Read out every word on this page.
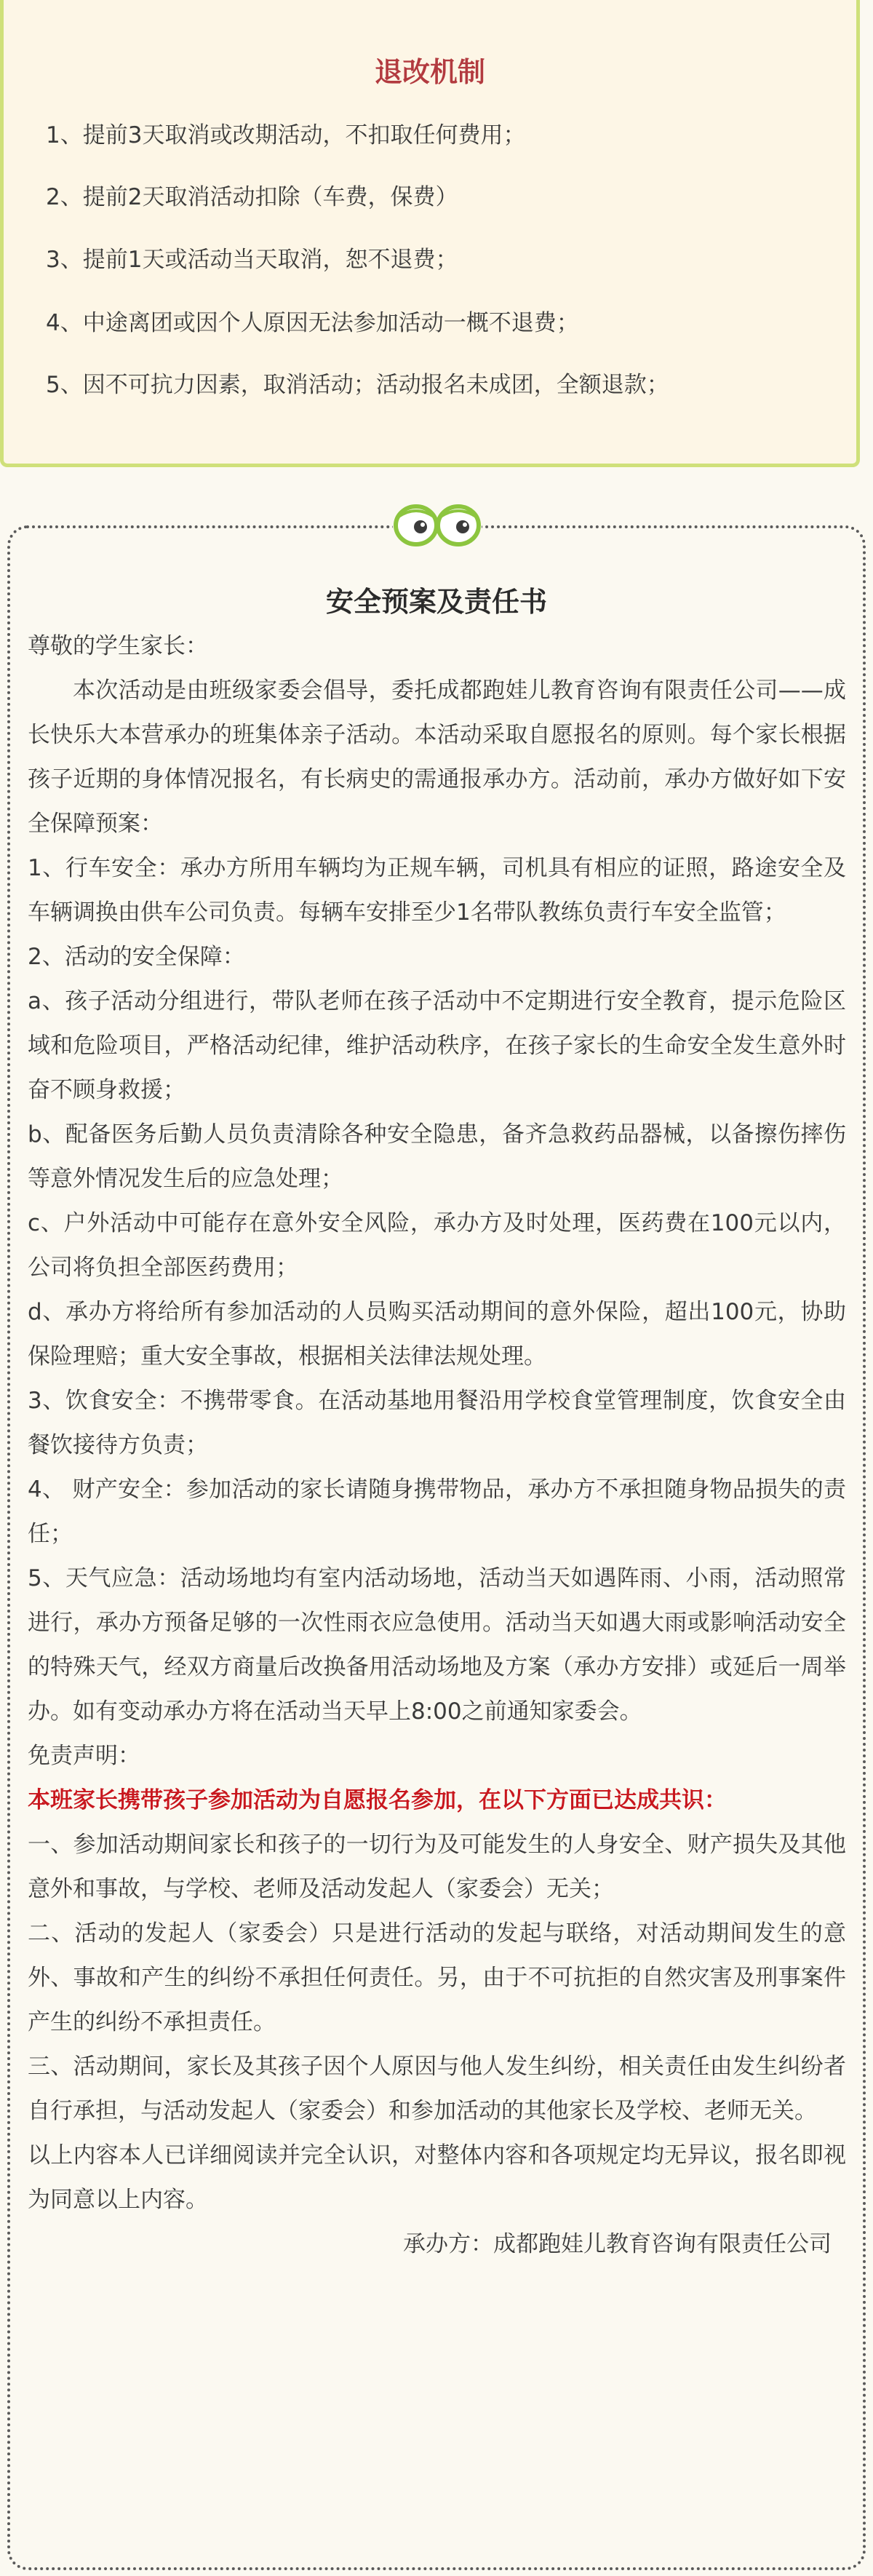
退改机制
1、提前3天取消或改期活动，不扣取任何费用；
2、提前2天取消活动扣除（车费，保费）
3、提前1天或活动当天取消，恕不退费；
4、中途离团或因个人原因无法参加活动一概不退费；
5、因不可抗力因素，取消活动；活动报名未成团，全额退款；
安全预案及责任书

尊敬的学生家长：

本次活动是由班级家委会倡导，委托成都跑娃儿教育咨询有限责任公司——成长快乐大本营承办的班集体亲子活动。本活动采取自愿报名的原则。每个家长根据孩子近期的身体情况报名，有长病史的需通报承办方。活动前，承办方做好如下安全保障预案：

1、行车安全：承办方所用车辆均为正规车辆，司机具有相应的证照，路途安全及车辆调换由供车公司负责。每辆车安排至少1名带队教练负责行车安全监管；

2、活动的安全保障：

a、孩子活动分组进行，带队老师在孩子活动中不定期进行安全教育，提示危险区域和危险项目，严格活动纪律，维护活动秩序，在孩子家长的生命安全发生意外时奋不顾身救援；

b、配备医务后勤人员负责清除各种安全隐患，备齐急救药品器械，以备擦伤摔伤等意外情况发生后的应急处理；

c、户外活动中可能存在意外安全风险，承办方及时处理，医药费在100元以内，公司将负担全部医药费用；

d、承办方将给所有参加活动的人员购买活动期间的意外保险，超出100元，协助保险理赔；重大安全事故，根据相关法律法规处理。

3、饮食安全：不携带零食。在活动基地用餐沿用学校食堂管理制度，饮食安全由餐饮接待方负责；

4、 财产安全：参加活动的家长请随身携带物品，承办方不承担随身物品损失的责任；

5、天气应急：活动场地均有室内活动场地，活动当天如遇阵雨、小雨，活动照常进行，承办方预备足够的一次性雨衣应急使用。活动当天如遇大雨或影响活动安全的特殊天气，经双方商量后改换备用活动场地及方案（承办方安排）或延后一周举办。如有变动承办方将在活动当天早上8:00之前通知家委会。

免责声明：

本班家长携带孩子参加活动为自愿报名参加，在以下方面已达成共识：

一、参加活动期间家长和孩子的一切行为及可能发生的人身安全、财产损失及其他意外和事故，与学校、老师及活动发起人（家委会）无关；

二、活动的发起人（家委会）只是进行活动的发起与联络，对活动期间发生的意外、事故和产生的纠纷不承担任何责任。另，由于不可抗拒的自然灾害及刑事案件产生的纠纷不承担责任。

三、活动期间，家长及其孩子因个人原因与他人发生纠纷，相关责任由发生纠纷者自行承担，与活动发起人（家委会）和参加活动的其他家长及学校、老师无关。

以上内容本人已详细阅读并完全认识，对整体内容和各项规定均无异议，报名即视为同意以上内容。

承办方：成都跑娃儿教育咨询有限责任公司
